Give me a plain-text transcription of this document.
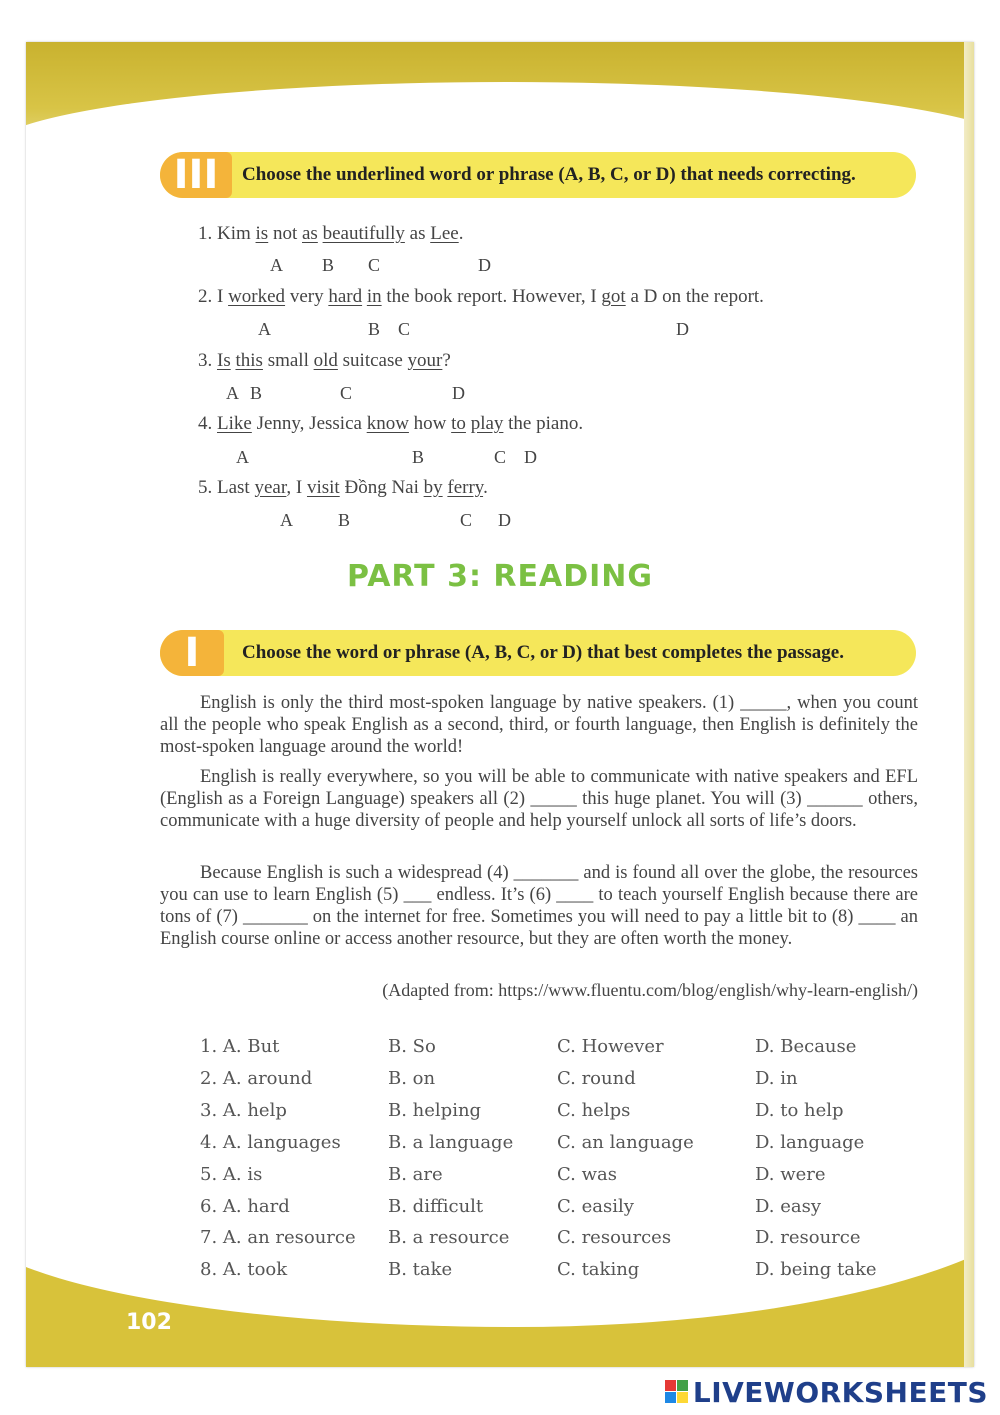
III	Choose the underlined word or phrase (A, B, C, or D) that needs correcting.
1. Kim is not as beautifully as Lee.
A B C	D
2. I worked very hard in the book report. However, I got a D on the report.
A	B C	D
3. Is this small old suitcase your?
A B	C	D
4. Like Jenny, Jessica know how to play the piano.
A	B	C D
5. Last year, I visit Đồng Nai by ferry.
A	B	C D
PART 3: READING
I	Choose the word or phrase (A, B, C, or D) that best completes the passage.
English is only the third most-spoken language by native speakers. (1) _____, when you count all the people who speak English as a second, third, or fourth language, then English is definitely the most-spoken language around the world!
English is really everywhere, so you will be able to communicate with native speakers and EFL (English as a Foreign Language) speakers all (2) _____ this huge planet. You will (3) ______ others, communicate with a huge diversity of people and help yourself unlock all sorts of life’s doors.
Because English is such a widespread (4) _______ and is found all over the globe, the resources you can use to learn English (5) ___ endless. It’s (6) ____ to teach yourself English because there are tons of (7) _______ on the internet for free. Sometimes you will need to pay a little bit to (8) ____ an English course online or access another resource, but they are often worth the money.
(Adapted from: https://www.fluentu.com/blog/english/why-learn-english/)
1. A. But	B. So	C. However	D. Because
2. A. around	B. on	C. round	D. in
3. A. help	B. helping	C. helps	D. to help
4. A. languages	B. a language C. an language	D. language
5. A. is	B. are	C. was	D. were
6. A. hard	B. difficult	C. easily	D. easy
7. A. an resource B. a resource	C. resources	D. resource
8. A. took	B. take	C. taking	D. being take
102
LIVEWORKSHEETS
